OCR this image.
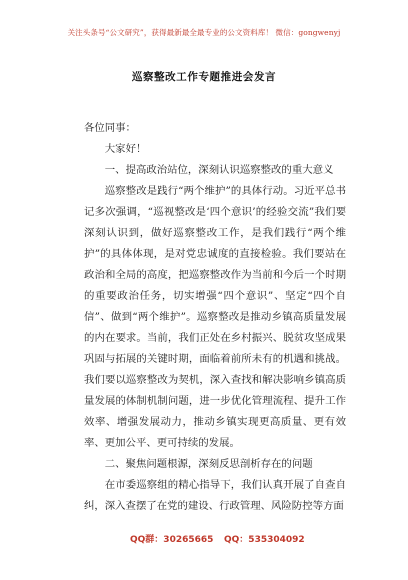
关注头条号“公文研究”，获得最新最全最专业的公文资料库！ 微信：gongwenyj
巡察整改工作专题推进会发言

各位同事：

大家好！

一、提高政治站位，深刻认识巡察整改的重大意义

巡察整改是践行“两个维护”的具体行动。习近平总书记多次强调，“巡视整改是‘四个意识’的经验交流”我们要深刻认识到，做好巡察整改工作，是我们践行“两个维护”的具体体现，是对党忠诚度的直接检验。我们要站在政治和全局的高度，把巡察整改作为当前和今后一个时期的重要政治任务，切实增强“四个意识”、坚定“四个自信”、做到“两个维护”。巡察整改是推动乡镇高质量发展的内在要求。当前，我们正处在乡村振兴、脱贫攻坚成果巩固与拓展的关键时期，面临着前所未有的机遇和挑战。我们要以巡察整改为契机，深入查找和解决影响乡镇高质量发展的体制机制问题，进一步优化管理流程、提升工作效率、增强发展动力，推动乡镇实现更高质量、更有效率、更加公平、更可持续的发展。

二、聚焦问题根源，深刻反思剖析存在的问题

在市委巡察组的精心指导下，我们认真开展了自查自纠，深入查摆了在党的建设、行政管理、风险防控等方面

QQ群：30265665 QQ：535304092
